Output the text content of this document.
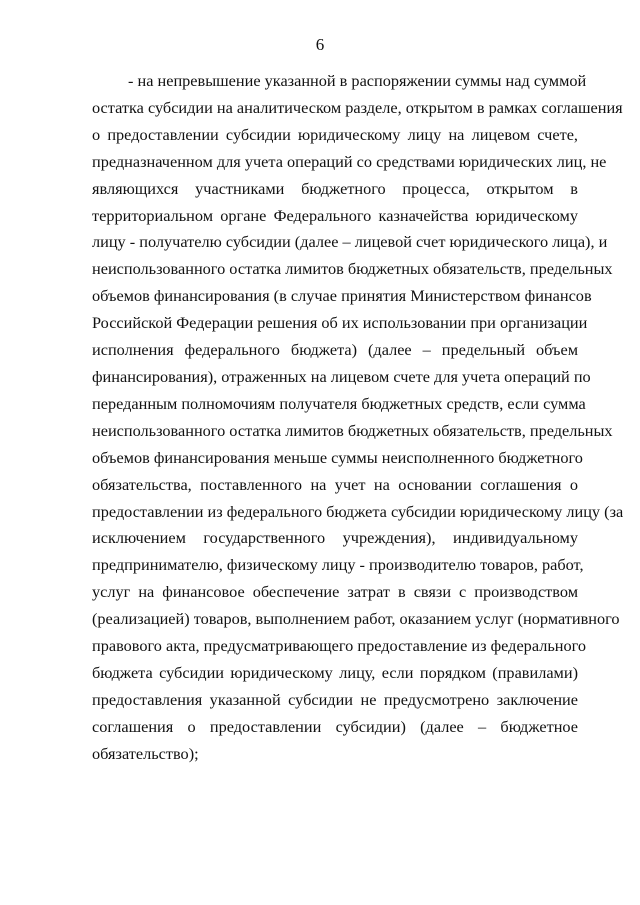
6
- на непревышение указанной в распоряжении суммы над суммой
остатка субсидии на аналитическом разделе, открытом в рамках соглашения
о предоставлении субсидии юридическому лицу на лицевом счете,
предназначенном для учета операций со средствами юридических лиц, не
являющихся участниками бюджетного процесса, открытом в
территориальном органе Федерального казначейства юридическому
лицу - получателю субсидии (далее – лицевой счет юридического лица), и
неиспользованного остатка лимитов бюджетных обязательств, предельных
объемов финансирования (в случае принятия Министерством финансов
Российской Федерации решения об их использовании при организации
исполнения федерального бюджета) (далее – предельный объем
финансирования), отраженных на лицевом счете для учета операций по
переданным полномочиям получателя бюджетных средств, если сумма
неиспользованного остатка лимитов бюджетных обязательств, предельных
объемов финансирования меньше суммы неисполненного бюджетного
обязательства, поставленного на учет на основании соглашения о
предоставлении из федерального бюджета субсидии юридическому лицу (за
исключением государственного учреждения), индивидуальному
предпринимателю, физическому лицу - производителю товаров, работ,
услуг на финансовое обеспечение затрат в связи с производством
(реализацией) товаров, выполнением работ, оказанием услуг (нормативного
правового акта, предусматривающего предоставление из федерального
бюджета субсидии юридическому лицу, если порядком (правилами)
предоставления указанной субсидии не предусмотрено заключение
соглашения о предоставлении субсидии) (далее – бюджетное
обязательство);
